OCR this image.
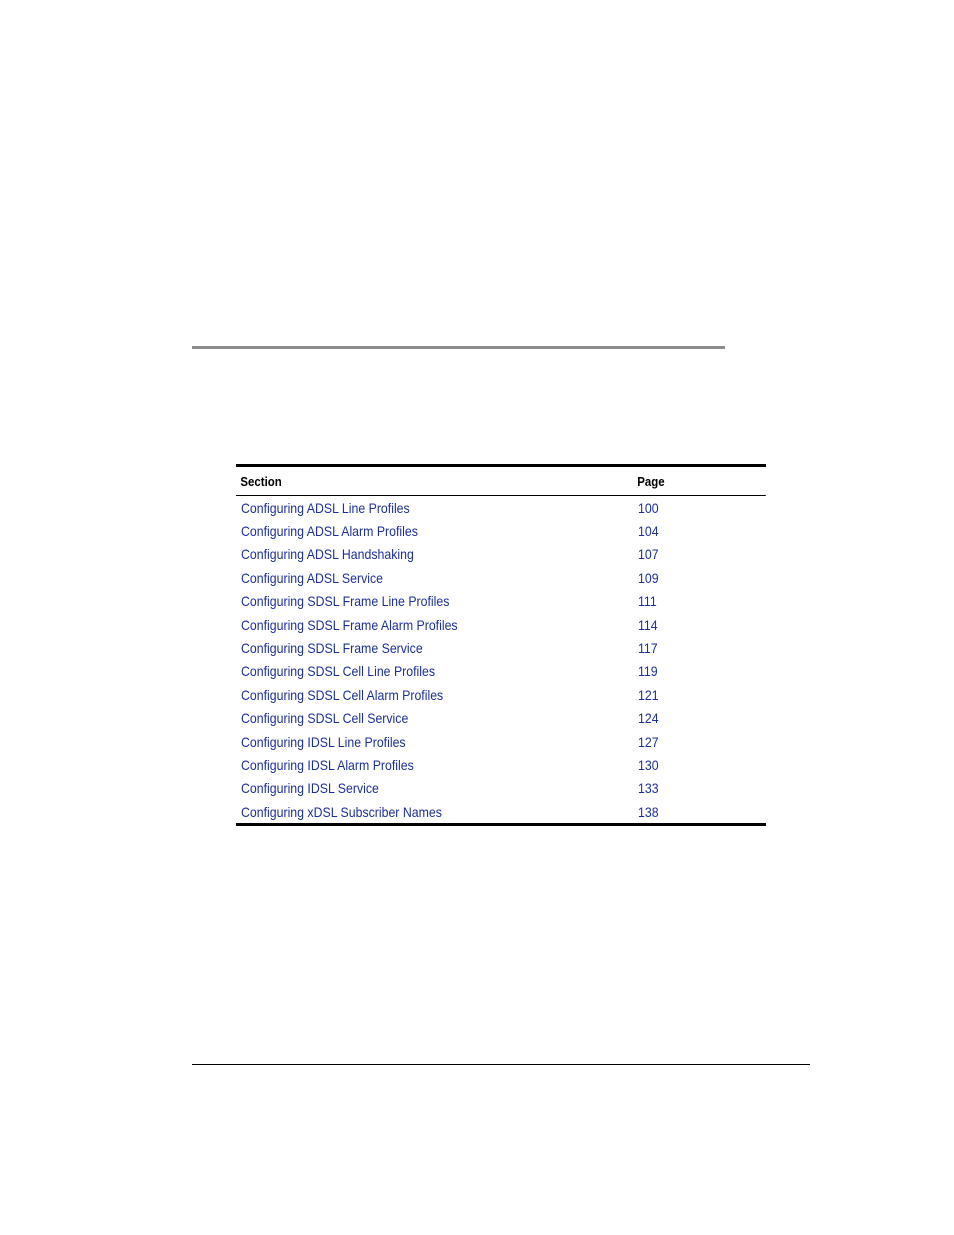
Section	Page
Configuring ADSL Line Profiles	100
Configuring ADSL Alarm Profiles	104
Configuring ADSL Handshaking	107
Configuring ADSL Service	109
Configuring SDSL Frame Line Profiles	111
Configuring SDSL Frame Alarm Profiles	114
Configuring SDSL Frame Service	117
Configuring SDSL Cell Line Profiles	119
Configuring SDSL Cell Alarm Profiles	121
Configuring SDSL Cell Service	124
Configuring IDSL Line Profiles	127
Configuring IDSL Alarm Profiles	130
Configuring IDSL Service	133
Configuring xDSL Subscriber Names	138
